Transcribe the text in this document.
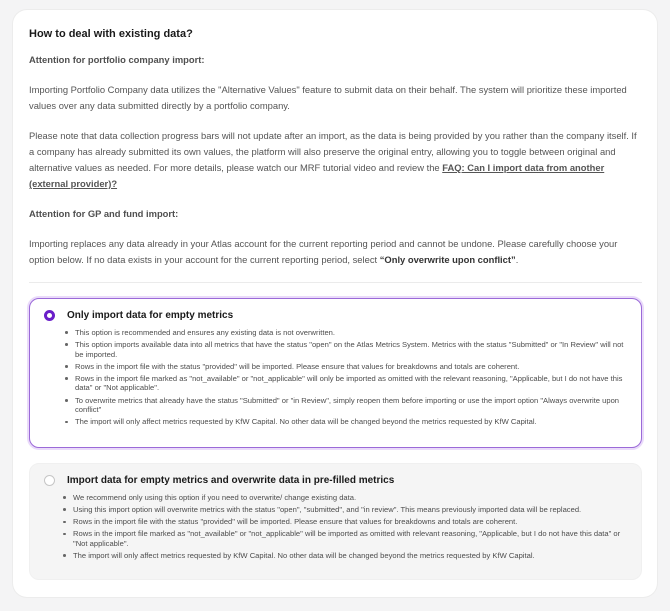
How to deal with existing data?

Attention for portfolio company import:

Importing Portfolio Company data utilizes the "Alternative Values" feature to submit data on their behalf. The system will prioritize these imported values over any data submitted directly by a portfolio company.

Please note that data collection progress bars will not update after an import, as the data is being provided by you rather than the company itself. If a company has already submitted its own values, the platform will also preserve the original entry, allowing you to toggle between original and alternative values as needed. For more details, please watch our MRF tutorial video and review the FAQ: Can I import data from another (external provider)?

Attention for GP and fund import:

Importing replaces any data already in your Atlas account for the current reporting period and cannot be undone. Please carefully choose your option below. If no data exists in your account for the current reporting period, select “Only overwrite upon conflict”.

Only import data for empty metrics
This option is recommended and ensures any existing data is not overwritten.
This option imports available data into all metrics that have the status "open" on the Atlas Metrics System. Metrics with the status "Submitted" or "In Review" will not be imported.
Rows in the import file with the status "provided" will be imported. Please ensure that values for breakdowns and totals are coherent.
Rows in the import file marked as "not_available" or "not_applicable" will only be imported as omitted with the relevant reasoning, "Applicable, but I do not have this data" or "Not applicable".
To overwrite metrics that already have the status "Submitted" or "in Review", simply reopen them before importing or use the import option "Always overwrite upon conflict"
The import will only affect metrics requested by KfW Capital. No other data will be changed beyond the metrics requested by KfW Capital.
Import data for empty metrics and overwrite data in pre-filled metrics
We recommend only using this option if you need to overwrite/ change existing data.
Using this import option will overwrite metrics with the status "open", "submitted", and "in review". This means previously imported data will be replaced.
Rows in the import file with the status "provided" will be imported. Please ensure that values for breakdowns and totals are coherent.
Rows in the import file marked as "not_available" or "not_applicable" will be imported as omitted with relevant reasoning, "Applicable, but I do not have this data" or "Not applicable".
The import will only affect metrics requested by KfW Capital. No other data will be changed beyond the metrics requested by KfW Capital.
